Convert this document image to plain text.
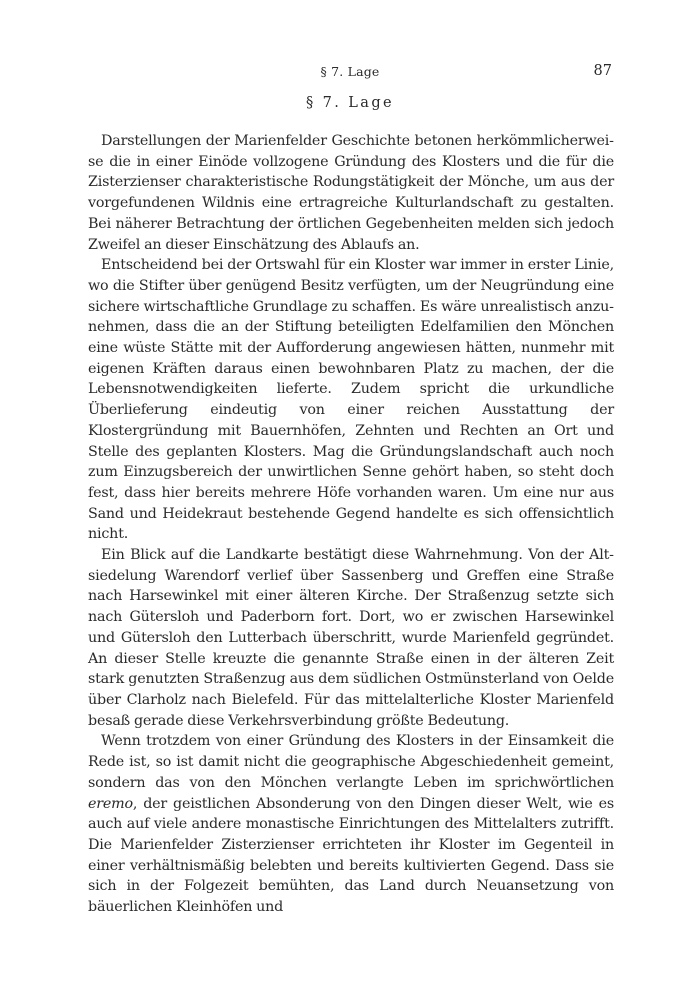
§ 7. Lage	87
§ 7. Lage

Darstellungen der Marienfelder Geschichte betonen herkömmlicherweise die in einer Einöde vollzogene Gründung des Klosters und die für die Zisterzienser charakteristische Rodungstätigkeit der Mönche, um aus der vorgefundenen Wildnis eine ertragreiche Kulturlandschaft zu gestalten. Bei näherer Betrachtung der örtlichen Gegebenheiten melden sich jedoch Zweifel an dieser Einschätzung des Ablaufs an.

Entscheidend bei der Ortswahl für ein Kloster war immer in erster Linie, wo die Stifter über genügend Besitz verfügten, um der Neugründung eine sichere wirtschaftliche Grundlage zu schaffen. Es wäre unrealistisch anzunehmen, dass die an der Stiftung beteiligten Edelfamilien den Mönchen eine wüste Stätte mit der Aufforderung angewiesen hätten, nunmehr mit eigenen Kräften daraus einen bewohnbaren Platz zu machen, der die Lebensnotwendigkeiten lieferte. Zudem spricht die urkundliche Überlieferung eindeutig von einer reichen Ausstattung der Klostergründung mit Bauernhöfen, Zehnten und Rechten an Ort und Stelle des geplanten Klosters. Mag die Gründungslandschaft auch noch zum Einzugsbereich der unwirtlichen Senne gehört haben, so steht doch fest, dass hier bereits mehrere Höfe vorhanden waren. Um eine nur aus Sand und Heidekraut bestehende Gegend handelte es sich offensichtlich nicht.

Ein Blick auf die Landkarte bestätigt diese Wahrnehmung. Von der Altsiedelung Warendorf verlief über Sassenberg und Greffen eine Straße nach Harsewinkel mit einer älteren Kirche. Der Straßenzug setzte sich nach Gütersloh und Paderborn fort. Dort, wo er zwischen Harsewinkel und Gütersloh den Lutterbach überschritt, wurde Marienfeld gegründet. An dieser Stelle kreuzte die genannte Straße einen in der älteren Zeit stark genutzten Straßenzug aus dem südlichen Ostmünsterland von Oelde über Clarholz nach Bielefeld. Für das mittelalterliche Kloster Marienfeld besaß gerade diese Verkehrsverbindung größte Bedeutung.

Wenn trotzdem von einer Gründung des Klosters in der Einsamkeit die Rede ist, so ist damit nicht die geographische Abgeschiedenheit gemeint, sondern das von den Mönchen verlangte Leben im sprichwörtlichen eremo, der geistlichen Absonderung von den Dingen dieser Welt, wie es auch auf viele andere monastische Einrichtungen des Mittelalters zutrifft. Die Marienfelder Zisterzienser errichteten ihr Kloster im Gegenteil in einer verhältnismäßig belebten und bereits kultivierten Gegend. Dass sie sich in der Folgezeit bemühten, das Land durch Neuansetzung von bäuerlichen Kleinhöfen und
